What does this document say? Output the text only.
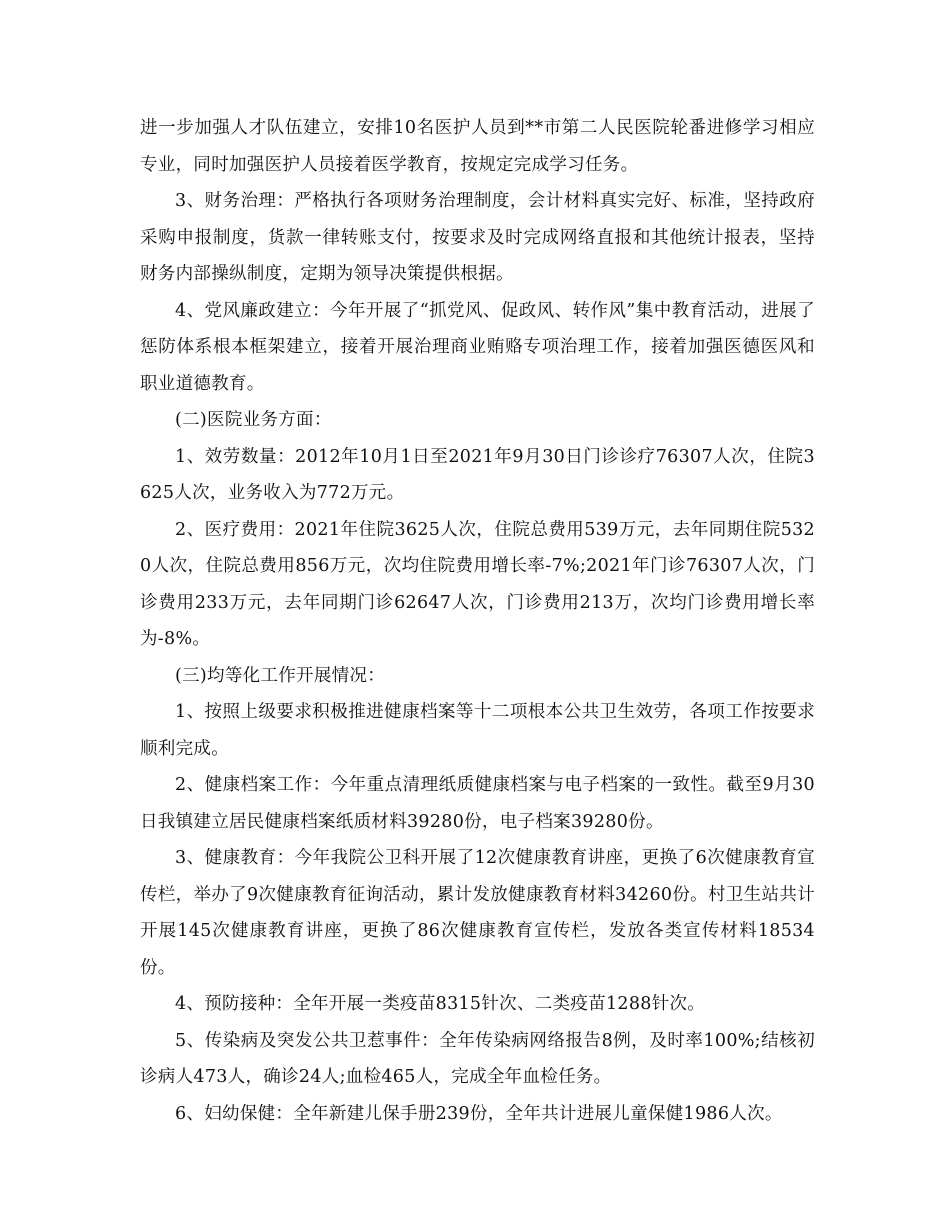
进一步加强人才队伍建立，安排10名医护人员到**市第二人民医院轮番进修学习相应专业，同时加强医护人员接着医学教育，按规定完成学习任务。

3、财务治理：严格执行各项财务治理制度，会计材料真实完好、标准，坚持政府采购申报制度，货款一律转账支付，按要求及时完成网络直报和其他统计报表，坚持财务内部操纵制度，定期为领导决策提供根据。

4、党风廉政建立：今年开展了“抓党风、促政风、转作风”集中教育活动，进展了惩防体系根本框架建立，接着开展治理商业贿赂专项治理工作，接着加强医德医风和职业道德教育。

(二)医院业务方面：

1、效劳数量：2012年10月1日至2021年9月30日门诊诊疗76307人次，住院3625人次，业务收入为772万元。

2、医疗费用：2021年住院3625人次，住院总费用539万元，去年同期住院5320人次，住院总费用856万元，次均住院费用增长率-7%;2021年门诊76307人次，门诊费用233万元，去年同期门诊62647人次，门诊费用213万，次均门诊费用增长率为-8%。

(三)均等化工作开展情况：

1、按照上级要求积极推进健康档案等十二项根本公共卫生效劳，各项工作按要求顺利完成。

2、健康档案工作：今年重点清理纸质健康档案与电子档案的一致性。截至9月30日我镇建立居民健康档案纸质材料39280份，电子档案39280份。

3、健康教育：今年我院公卫科开展了12次健康教育讲座，更换了6次健康教育宣传栏，举办了9次健康教育征询活动，累计发放健康教育材料34260份。村卫生站共计开展145次健康教育讲座，更换了86次健康教育宣传栏，发放各类宣传材料18534份。

4、预防接种：全年开展一类疫苗8315针次、二类疫苗1288针次。

5、传染病及突发公共卫惹事件：全年传染病网络报告8例，及时率100%;结核初诊病人473人，确诊24人;血检465人，完成全年血检任务。

6、妇幼保健：全年新建儿保手册239份，全年共计进展儿童保健1986人次。
